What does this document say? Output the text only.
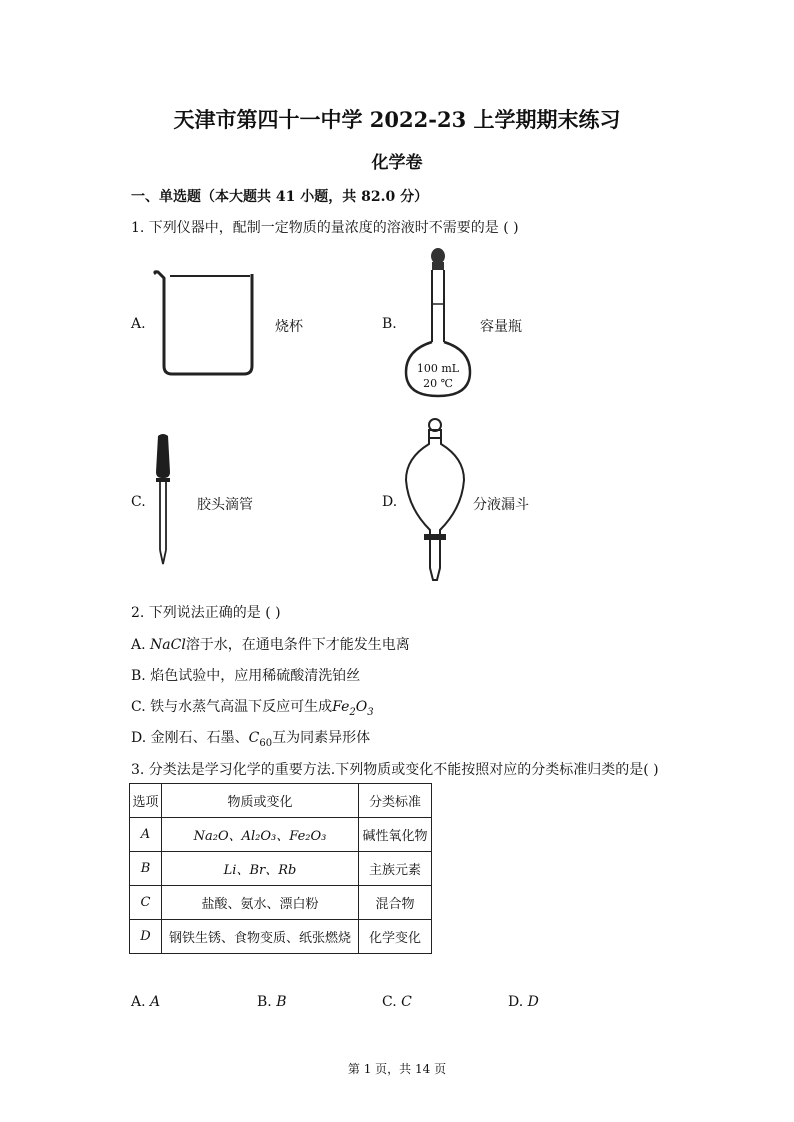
天津市第四十一中学 2022-23 上学期期末练习
化学卷
一、单选题（本大题共 41 小题，共 82.0 分）
1. 下列仪器中，配制一定物质的量浓度的溶液时不需要的是 ( )
A.	烧杯	B.
100 mL
20 ℃
容量瓶
C.	胶头滴管	D.	分液漏斗
2. 下列说法正确的是 ( )
A. NaCl溶于水，在通电条件下才能发生电离
B. 焰色试验中，应用稀硫酸清洗铂丝
C. 铁与水蒸气高温下反应可生成$Fe_2O_3$
D. 金刚石、石墨、$C_{60}$互为同素异形体
3. 分类法是学习化学的重要方法.下列物质或变化不能按照对应的分类标准归类的是( )
选项	物质或变化	分类标准
A	Na₂O、Al₂O₃、Fe₂O₃	碱性氧化物
B	Li、Br、Rb	主族元素
C	盐酸、氨水、漂白粉	混合物
D	钢铁生锈、食物变质、纸张燃烧	化学变化
A. A	B. B	C. C	D. D
第 1 页，共 14 页
